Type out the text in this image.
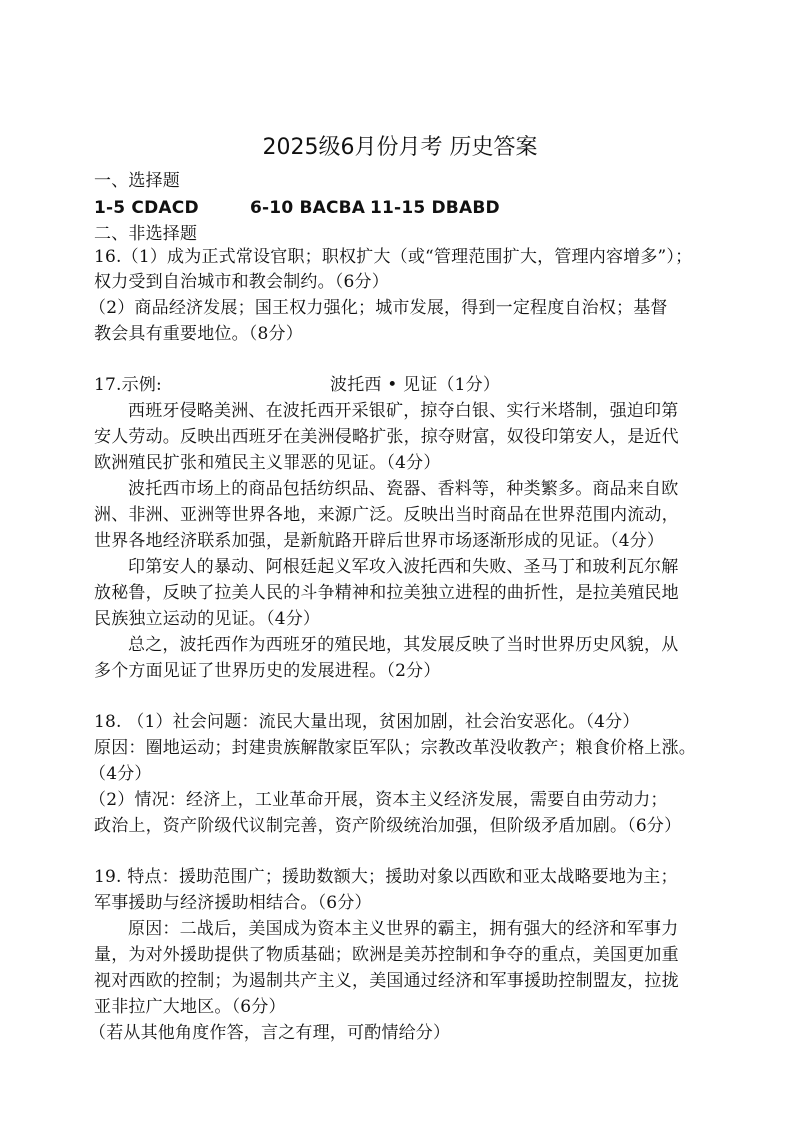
2025级6月份月考 历史答案
一、选择题
1-5 CDACD	6-10 BACBA 11-15 DBABD
二、非选择题
16.（1）成为正式常设官职；职权扩大（或“管理范围扩大，管理内容增多”）；
权力受到自治城市和教会制约。（6分）
（2）商品经济发展；国王权力强化；城市发展，得到一定程度自治权；基督
教会具有重要地位。（8分）
17.示例:	波托西 • 见证（1分）
西班牙侵略美洲、在波托西开采银矿，掠夺白银、实行米塔制，强迫印第
安人劳动。反映出西班牙在美洲侵略扩张，掠夺财富，奴役印第安人，是近代
欧洲殖民扩张和殖民主义罪恶的见证。（4分）
波托西市场上的商品包括纺织品、瓷器、香料等，种类繁多。商品来自欧
洲、非洲、亚洲等世界各地，来源广泛。反映出当时商品在世界范围内流动，
世界各地经济联系加强，是新航路开辟后世界市场逐渐形成的见证。（4分）
印第安人的暴动、阿根廷起义军攻入波托西和失败、圣马丁和玻利瓦尔解
放秘鲁，反映了拉美人民的斗争精神和拉美独立进程的曲折性，是拉美殖民地
民族独立运动的见证。（4分）
总之，波托西作为西班牙的殖民地，其发展反映了当时世界历史风貌，从
多个方面见证了世界历史的发展进程。（2分）
18. （1）社会问题：流民大量出现，贫困加剧，社会治安恶化。（4分）
原因：圈地运动；封建贵族解散家臣军队；宗教改革没收教产；粮食价格上涨。
（4分）
（2）情况：经济上，工业革命开展，资本主义经济发展，需要自由劳动力；
政治上，资产阶级代议制完善，资产阶级统治加强，但阶级矛盾加剧。（6分）
19. 特点：援助范围广；援助数额大；援助对象以西欧和亚太战略要地为主；
军事援助与经济援助相结合。（6分）
原因：二战后，美国成为资本主义世界的霸主，拥有强大的经济和军事力
量，为对外援助提供了物质基础；欧洲是美苏控制和争夺的重点，美国更加重
视对西欧的控制；为遏制共产主义，美国通过经济和军事援助控制盟友，拉拢
亚非拉广大地区。（6分）
（若从其他角度作答，言之有理，可酌情给分）
